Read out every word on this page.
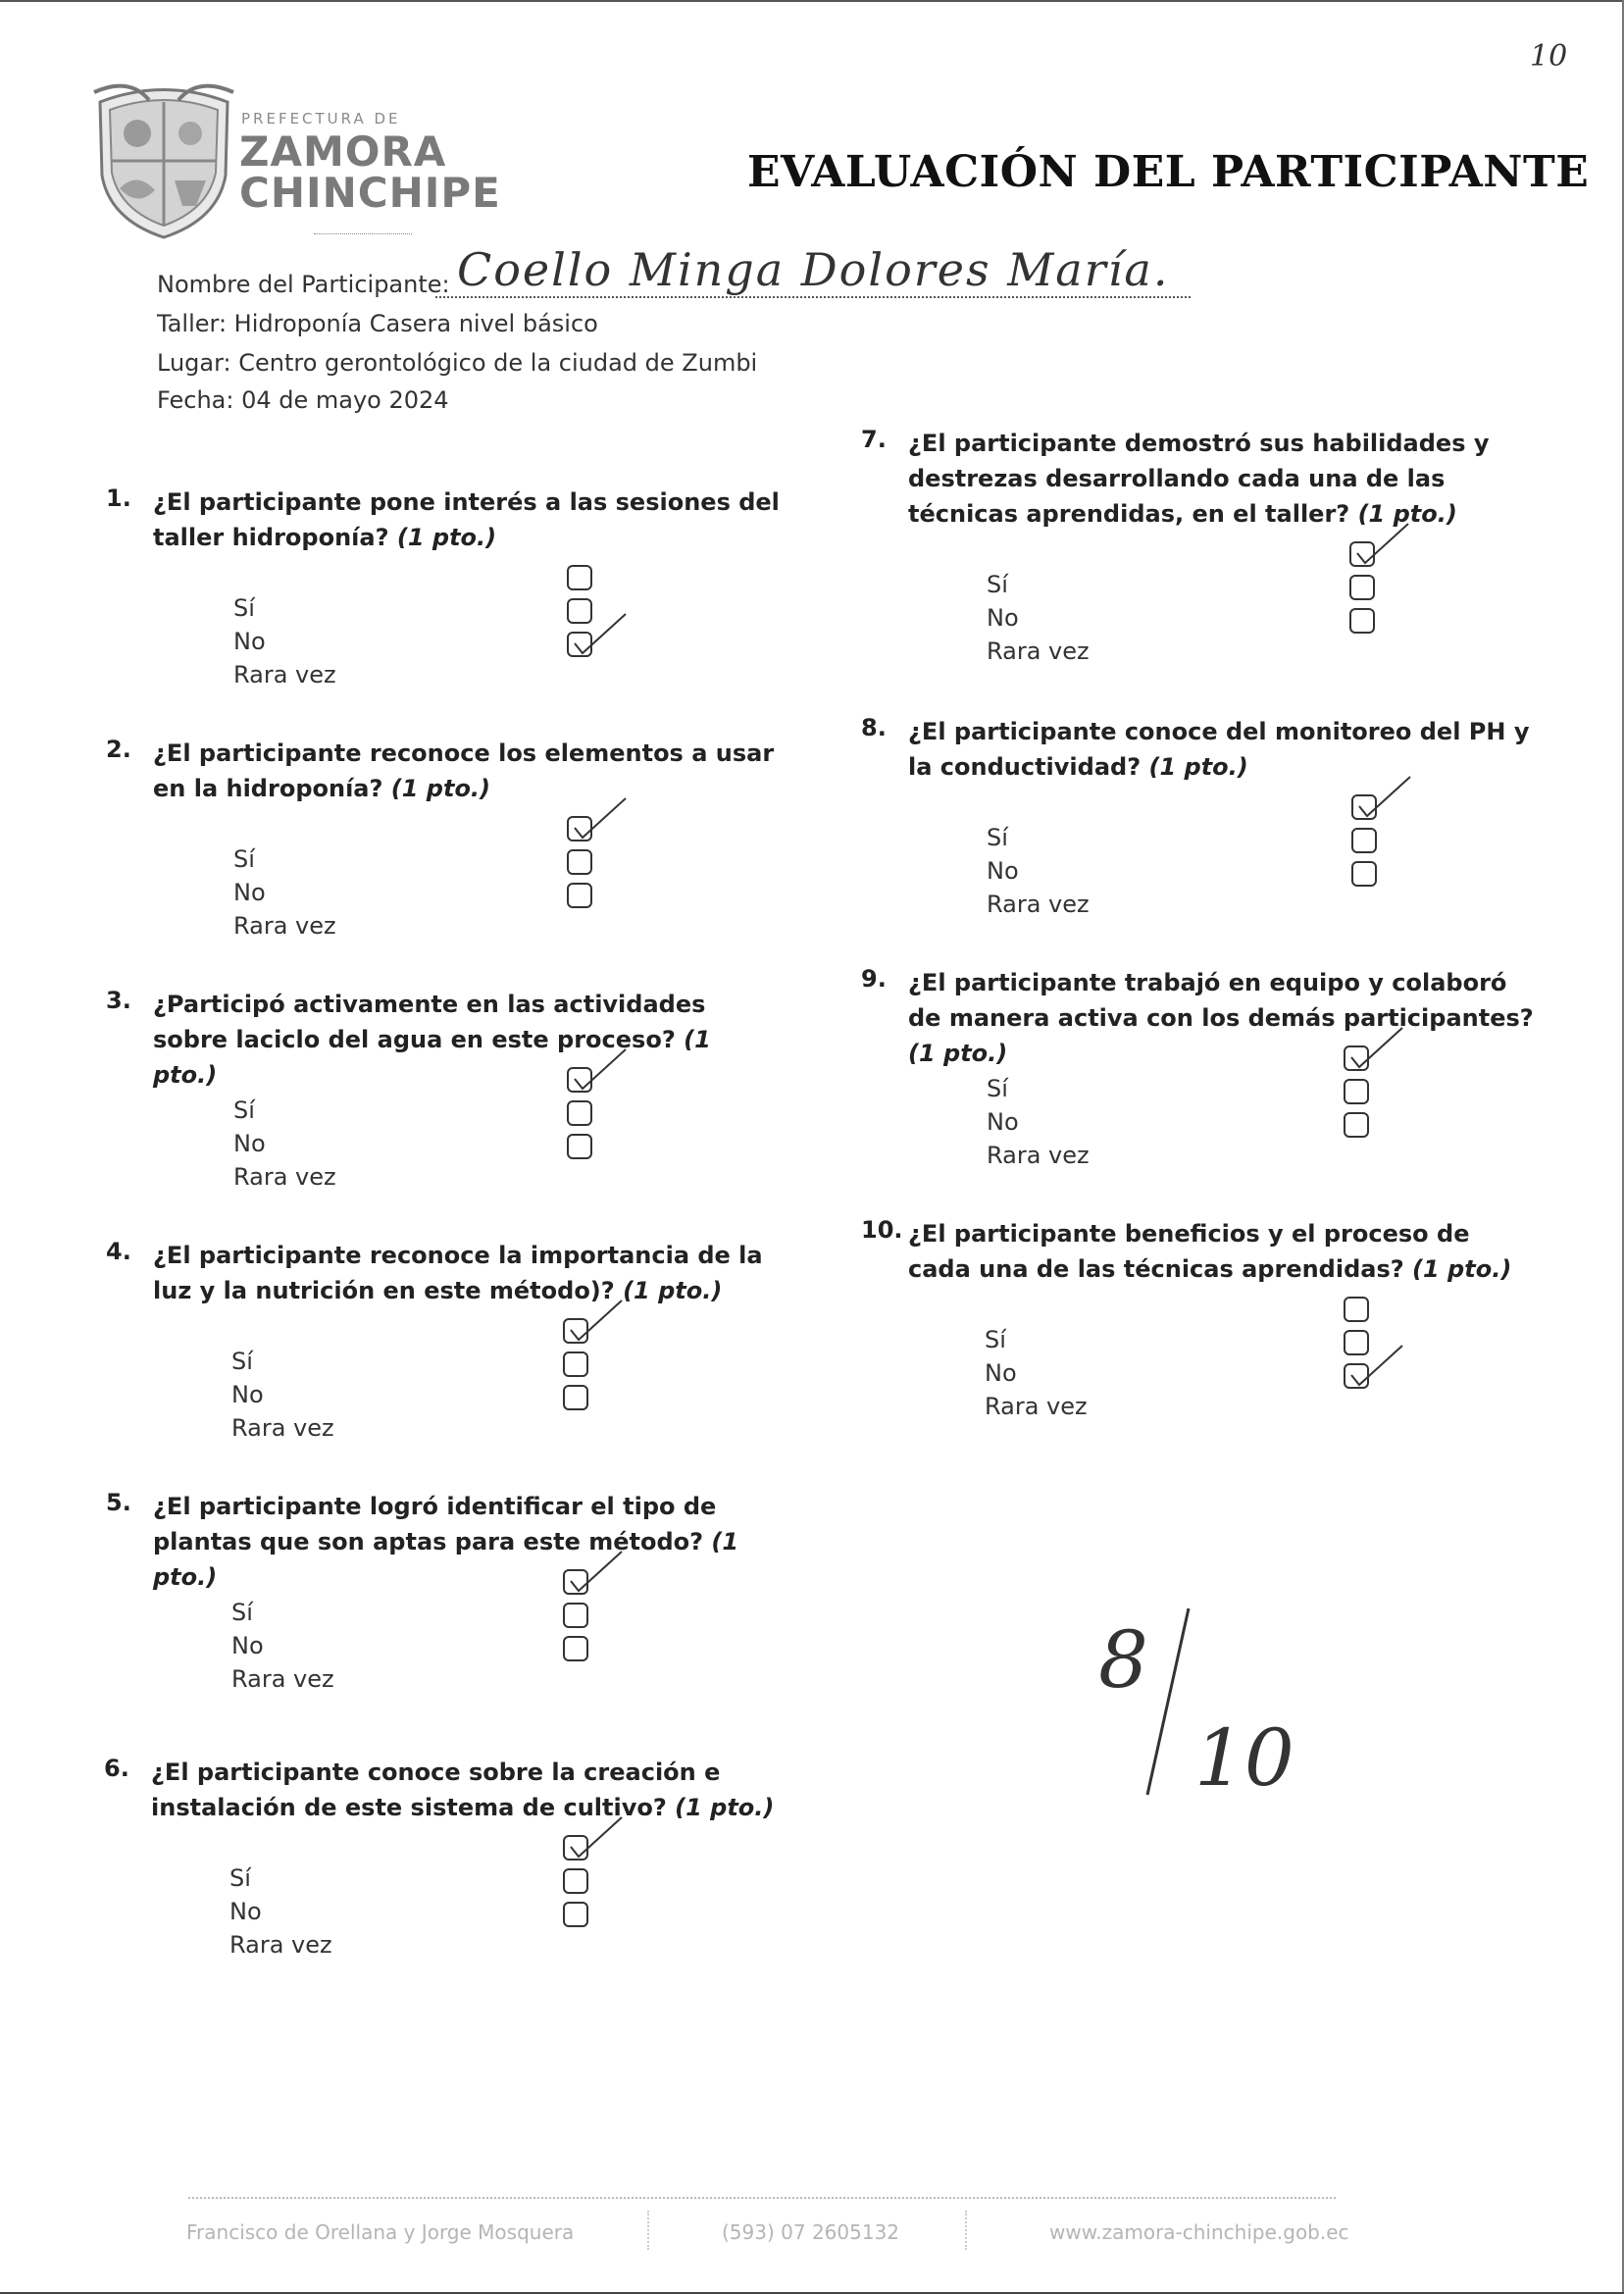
10
PREFECTURA DE
ZAMORA
CHINCHIPE	EVALUACIÓN DEL PARTICIPANTE
Nombre del Participante: Coello Minga Dolores María.
Taller: Hidroponía Casera nivel básico
Lugar: Centro gerontológico de la ciudad de Zumbi
Fecha: 04 de mayo 2024
1. ¿El participante pone interés a las sesiones del taller hidroponía? (1 pto.)
Sí
No
Rara vez
2. ¿El participante reconoce los elementos a usar en la hidroponía? (1 pto.)
Sí
No
Rara vez
3. ¿Participó activamente en las actividades sobre laciclo del agua en este proceso? (1 pto.)
Sí
No
Rara vez
4. ¿El participante reconoce la importancia de la luz y la nutrición en este método)? (1 pto.)
Sí
No
Rara vez
5. ¿El participante logró identificar el tipo de plantas que son aptas para este método? (1 pto.)
Sí
No
Rara vez
6. ¿El participante conoce sobre la creación e instalación de este sistema de cultivo? (1 pto.)
Sí
No
Rara vez
7. ¿El participante demostró sus habilidades y destrezas desarrollando cada una de las técnicas aprendidas, en el taller? (1 pto.)
Sí
No
Rara vez
8. ¿El participante conoce del monitoreo del PH y la conductividad? (1 pto.)
Sí
No
Rara vez
9. ¿El participante trabajó en equipo y colaboró de manera activa con los demás participantes? (1 pto.)
Sí
No
Rara vez
10. ¿El participante beneficios y el proceso de cada una de las técnicas aprendidas? (1 pto.)
Sí
No
Rara vez
8
10
Francisco de Orellana y Jorge Mosquera	(593) 07 2605132	www.zamora-chinchipe.gob.ec
